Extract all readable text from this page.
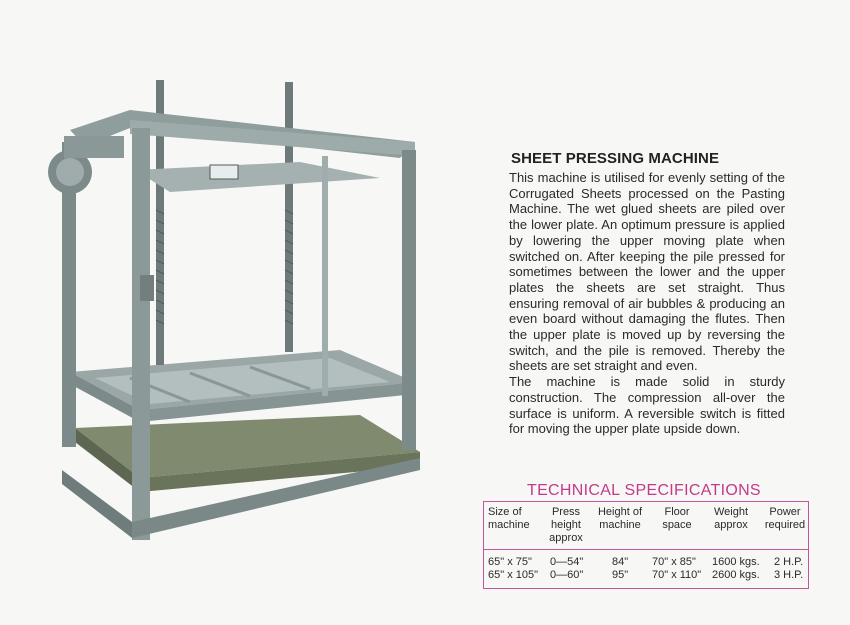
SHEET PRESSING MACHINE

This machine is utilised for evenly setting of the Corrugated Sheets processed on the Pasting Machine. The wet glued sheets are piled over the lower plate. An optimum pressure is applied by lowering the upper moving plate when switched on. After keeping the pile pressed for sometimes between the lower and the upper plates the sheets are set straight. Thus ensuring removal of air bubbles & producing an even board without damaging the flutes. Then the upper plate is moved up by reversing the switch, and the pile is removed. Thereby the sheets are set straight and even.

The machine is made solid in sturdy construction. The compression all-over the surface is uniform. A reversible switch is fitted for moving the upper plate upside down.

TECHNICAL SPECIFICATIONS
Size of machine
Press height approx
Height of machine
Floor space
Weight approx
Power required
65" x 75" 0—54"	84" 70" x 85" 1600 kgs. 2 H.P.
65" x 105" 0—60"	95" 70" x 110" 2600 kgs. 3 H.P.
